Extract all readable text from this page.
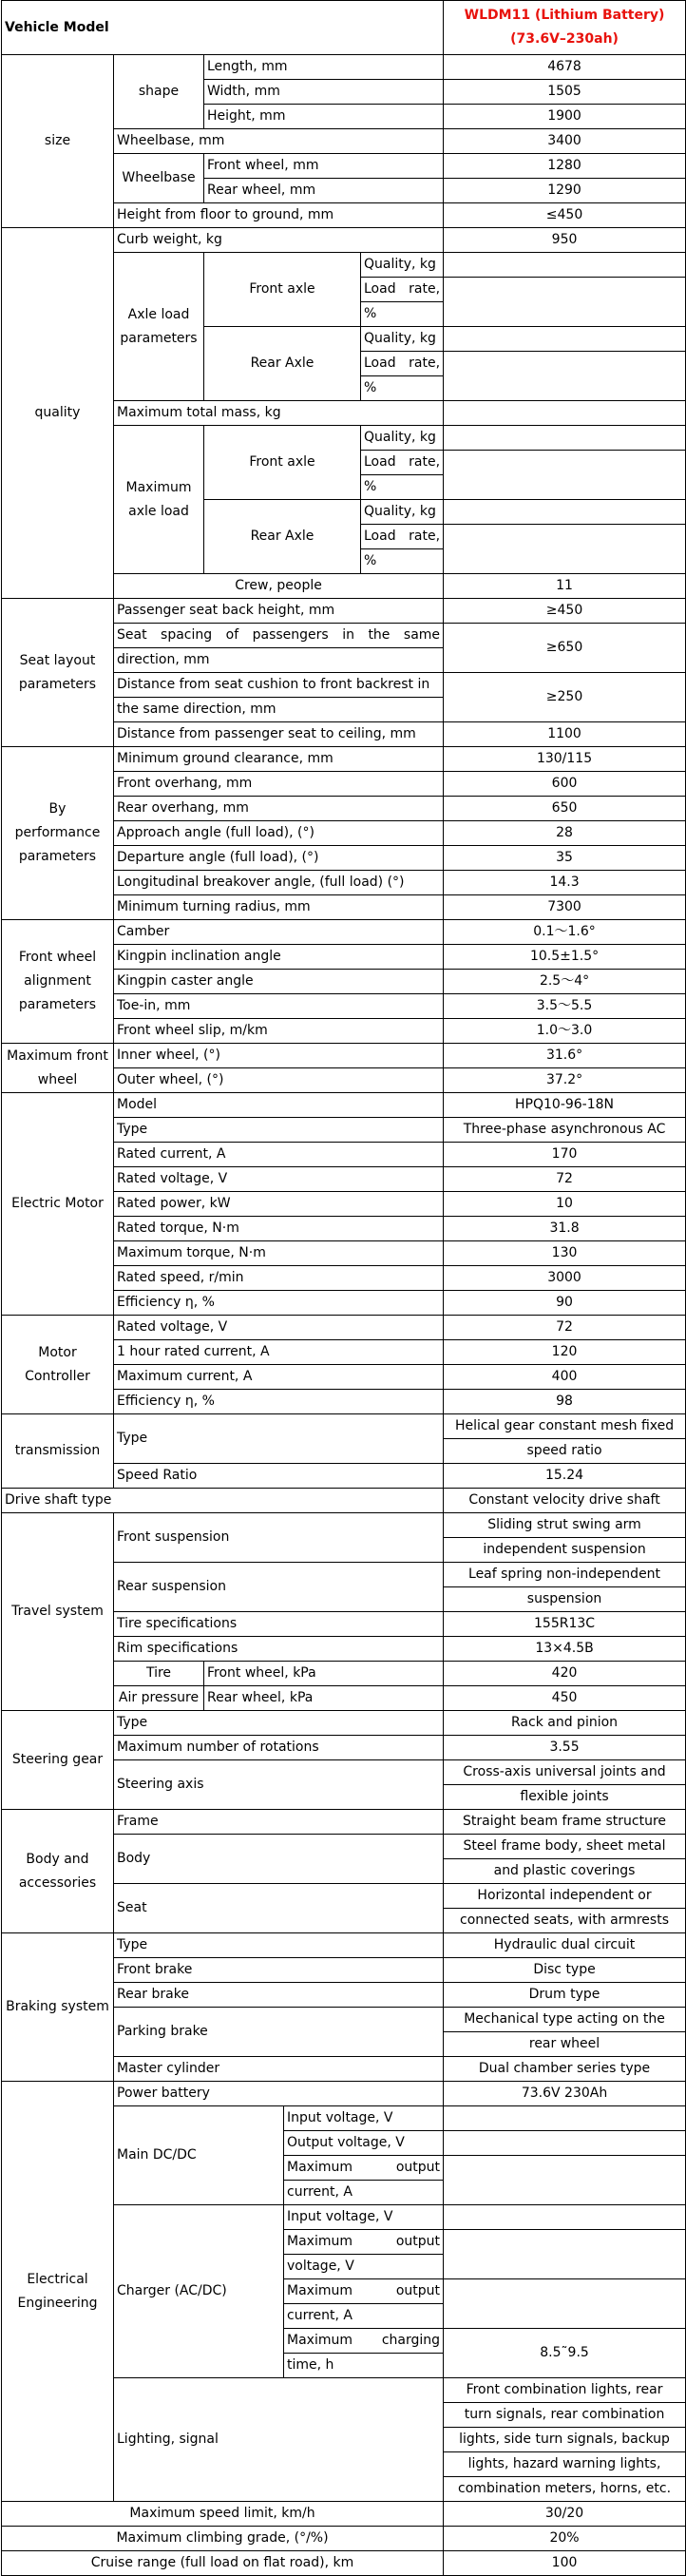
Vehicle Model					WLDM11 (Lithium Battery)
(73.6V–230ah)

size	shape	Length, mm			4678
		Width, mm			1505
		Height, mm			1900
	Wheelbase, mm				3400
	Wheelbase	Front wheel, mm			1280
		Rear wheel, mm			1290
	Height from floor to ground, mm				≤450
quality	Curb weight, kg				950
	Axle load parameters	Front axle		Quality, kg	
				Load rate,	
				%	
		Rear Axle		Quality, kg	
				Load rate,	
				%	
	Maximum total mass, kg				
	Maximum axle load	Front axle		Quality, kg	
				Load rate,	
				%	
		Rear Axle		Quality, kg	
				Load rate,	
				%	
	Crew, people				11
Seat layout parameters	Passenger seat back height, mm				≥450
	Seat spacing of passengers in the same				≥650
	direction, mm				
	Distance from seat cushion to front backrest in				≥250
	the same direction, mm				
	Distance from passenger seat to ceiling, mm				1100
By performance parameters	Minimum ground clearance, mm				130/115
	Front overhang, mm				600
	Rear overhang, mm				650
	Approach angle (full load), (°)				28
	Departure angle (full load), (°)				35
	Longitudinal breakover angle, (full load) (°)				14.3
	Minimum turning radius, mm				7300
Front wheel alignment parameters	Camber				0.1～1.6°
	Kingpin inclination angle				10.5±1.5°
	Kingpin caster angle				2.5～4°
	Toe-in, mm				3.5～5.5
	Front wheel slip, m/km				1.0～3.0
Maximum front wheel	Inner wheel, (°)				31.6°
	Outer wheel, (°)				37.2°
Electric Motor	Model				HPQ10-96-18N
	Type				Three-phase asynchronous AC
	Rated current, A				170
	Rated voltage, V				72
	Rated power, kW				10
	Rated torque, N·m				31.8
	Maximum torque, N·m				130
	Rated speed, r/min				3000
	Efficiency η, %				90
Motor Controller	Rated voltage, V				72
	1 hour rated current, A				120
	Maximum current, A				400
	Efficiency η, %				98
transmission	Type				Helical gear constant mesh fixed
					speed ratio
	Speed Ratio				15.24
Drive shaft type					Constant velocity drive shaft
Travel system	Front suspension				Sliding strut swing arm
					independent suspension
	Rear suspension				Leaf spring non-independent
					suspension
	Tire specifications				155R13C
	Rim specifications				13×4.5B
	Tire	Front wheel, kPa			420
	Air pressure	Rear wheel, kPa			450
Steering gear	Type				Rack and pinion
	Maximum number of rotations				3.55
	Steering axis				Cross-axis universal joints and
					flexible joints
Body and accessories	Frame				Straight beam frame structure
	Body				Steel frame body, sheet metal
					and plastic coverings
	Seat				Horizontal independent or
					connected seats, with armrests
Braking system	Type				Hydraulic dual circuit
	Front brake				Disc type
	Rear brake				Drum type
	Parking brake				Mechanical type acting on the
					rear wheel
	Master cylinder				Dual chamber series type
Electrical Engineering	Power battery				73.6V 230Ah
	Main DC/DC		Input voltage, V		
			Output voltage, V		
			Maximum output		
			current, A		
	Charger (AC/DC)		Input voltage, V		
			Maximum output		
			voltage, V		
			Maximum output		
			current, A		
			Maximum charging		8.5˜9.5
			time, h		
	Lighting, signal				Front combination lights, rear
					turn signals, rear combination
					lights, side turn signals, backup
					lights, hazard warning lights,
					combination meters, horns, etc.
Maximum speed limit, km/h					30/20
Maximum climbing grade, (°/%)					20%
Cruise range (full load on flat road), km					100
